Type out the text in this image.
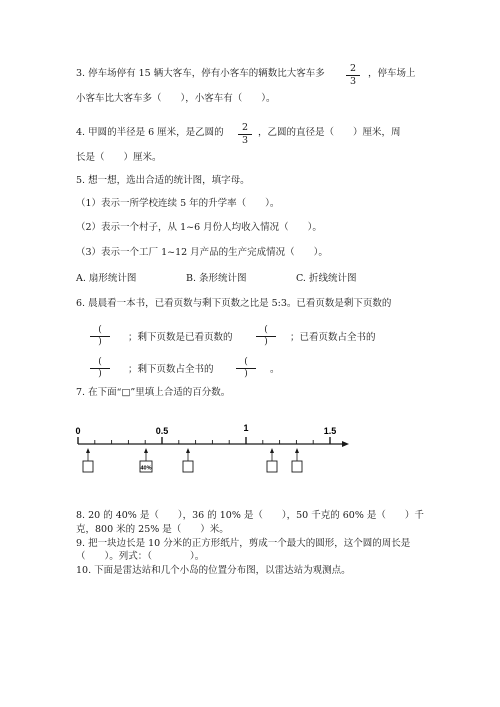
3. 停车场停有 15 辆大客车，停有小客车的辆数比大客车多	2
3
，停车场上
小客车比大客车多（　　），小客车有（　　）。
4. 甲圆的半径是 6 厘米，是乙圆的	2
3
，乙圆的直径是（　　）厘米，周
长是（　　）厘米。
5. 想一想，选出合适的统计图，填字母。
（1）表示一所学校连续 5 年的升学率（　　）。
（2）表示一个村子，从 1~6 月份人均收入情况（　　）。
（3）表示一个工厂 1~12 月产品的生产完成情况（　　）。
A. 扇形统计图	B. 条形统计图	C. 折线统计图
6. 晨晨看一本书，已看页数与剩下页数之比是 5:3。已看页数是剩下页数的
(
)	；剩下页数是已看页数的
(
)	；已看页数占全书的
(
)	；剩下页数占全书的
(
)	。
7. 在下面“□”里填上合适的百分数。
0	0.5	1	1.5
40%
8. 20 的 40% 是（　　），36 的 10% 是（　　），50 千克的 60% 是（　　）千
克，800 米的 25% 是（　　）米。
9. 把一块边长是 10 分米的正方形纸片，剪成一个最大的圆形，这个圆的周长是
（　　）。列式：（　　　　）。
10. 下面是雷达站和几个小岛的位置分布图，以雷达站为观测点。
